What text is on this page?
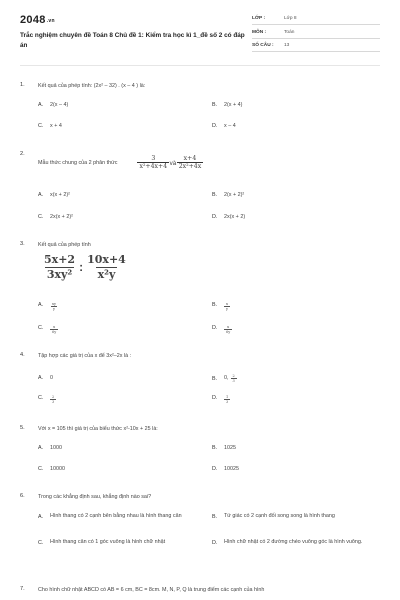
2048.vn
Trắc nghiệm chuyên đề Toán 8 Chủ đề 1: Kiểm tra học kì 1_đề số 2 có đáp án
LỚP :	Lớp 8
MÔN :	Toán
SỐ CÂU :	13
1. Kết quả của phép tính: (2x² – 32) . (x – 4 ) là:
A.	2(x – 4)	B.	2(x + 4)
C.	x + 4	D.	x – 4
2.
Mẫu thức chung của 2 phân thức	$\frac{3}{\text{x²+4x+4}}$ và $\frac{x+4}{\text{2x²+4x}}$
A.	x(x + 2)²	B.	2(x + 2)²
C.	2x(x + 2)²	D.	2x(x + 2)
3. Kết quả của phép tính
$\frac{5x+2}{\text{3xy²}}$ : $\frac{10x+4}{\text{x²y}}$
A.	$\frac{xy}{y}$	B.	$\frac{x}{y}$
C.	$\frac{x}{6y}$	D.	$\frac{x}{6y}$
4. Tập hợp các giá trị của x để 3x²–2x là :
A.	0	B.	0, $\frac{2}{3}$
C.	$\frac{2}{3}$	D.	$\frac{1}{3}$
5. Với x = 105 thì giá trị của biểu thức x²-10x + 25 là:
A.	1000	B.	1025
C.	10000	D.	10025
6. Trong các khẳng định sau, khẳng định nào sai?
A.	Hình thang có 2 cạnh bên bằng nhau là hình thang cân	B.	Tứ giác có 2 cạnh đối song song là hình thang
C.	Hình thang cân có 1 góc vuông là hình chữ nhật	D.	Hình chữ nhật có 2 đường chéo vuông góc là hình vuông.
7. Cho hình chữ nhật ABCD có AB = 6 cm, BC = 8cm. M, N, P, Q là trung điểm các cạnh của hình
